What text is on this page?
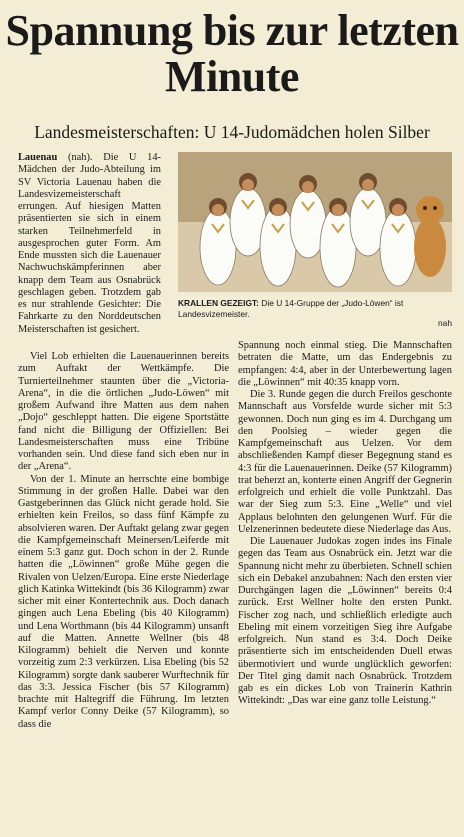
Spannung bis zur letzten Minute
Landesmeisterschaften: U 14-Judomädchen holen Silber
KRALLEN GEZEIGT: Die U 14-Gruppe der „Judo-Löwen“ ist Landesvizemeister.
nah

Lauenau (nah). Die U 14-Mädchen der Judo-Abteilung im SV Victoria Lauenau haben die Landesvizemeisterschaft errungen. Auf hiesigen Matten präsentierten sie sich in einem starken Teilnehmerfeld in ausgesprochen guter Form. Am Ende mussten sich die Lauenauer Nachwuchskämpferinnen aber knapp dem Team aus Osnabrück geschlagen geben. Trotzdem gab es nur strahlende Gesichter: Die Fahrkarte zu den Norddeutschen Meisterschaften ist gesichert.

Viel Lob erhielten die Lauenauerinnen bereits zum Auftakt der Wettkämpfe. Die Turnierteilnehmer staunten über die „Victoria-Arena“, in die die örtlichen „Judo-Löwen“ mit großem Aufwand ihre Matten aus dem nahen „Dojo“ geschleppt hatten. Die eigene Sportstätte fand nicht die Billigung der Offiziellen: Bei Landesmeisterschaften muss eine Tribüne vorhanden sein. Und diese fand sich eben nur in der „Arena“.

Von der 1. Minute an herrschte eine bombige Stimmung in der großen Halle. Dabei war den Gastgeberinnen das Glück nicht gerade hold. Sie erhielten kein Freilos, so dass fünf Kämpfe zu absolvieren waren. Der Auftakt gelang zwar gegen die Kampfgemeinschaft Meinersen/Leiferde mit einem 5:3 ganz gut. Doch schon in der 2. Runde hatten die „Löwinnen“ große Mühe gegen die Rivalen von Uelzen/Europa. Eine erste Niederlage glich Katinka Wittekindt (bis 36 Kilogramm) zwar sicher mit einer Kontertechnik aus. Doch danach gingen auch Lena Ebeling (bis 40 Kilogramm) und Lena Worthmann (bis 44 Kilogramm) unsanft auf die Matten. Annette Wellner (bis 48 Kilogramm) behielt die Nerven und konnte vorzeitig zum 2:3 verkürzen. Lisa Ebeling (bis 52 Kilogramm) sorgte dank sauberer Wurftechnik für das 3:3. Jessica Fischer (bis 57 Kilogramm) brachte mit Haltegriff die Führung. Im letzten Kampf verlor Conny Deike (57 Kilogramm), so dass die

Spannung noch einmal stieg. Die Mannschaften betraten die Matte, um das Endergebnis zu empfangen: 4:4, aber in der Unterbewertung lagen die „Löwinnen“ mit 40:35 knapp vorn.

Die 3. Runde gegen die durch Freilos geschonte Mannschaft aus Vorsfelde wurde sicher mit 5:3 gewonnen. Doch nun ging es im 4. Durchgang um den Poolsieg – wieder gegen die Kampfgemeinschaft aus Uelzen. Vor dem abschließenden Kampf dieser Begegnung stand es 4:3 für die Lauenauerinnen. Deike (57 Kilogramm) trat beherzt an, konterte einen Angriff der Gegnerin erfolgreich und erhielt die volle Punktzahl. Das war der Sieg zum 5:3. Eine „Welle“ und viel Applaus belohnten den gelungenen Wurf. Für die Uelzenerinnen bedeutete diese Niederlage das Aus.

Die Lauenauer Judokas zogen indes ins Finale gegen das Team aus Osnabrück ein. Jetzt war die Spannung nicht mehr zu überbieten. Schnell schien sich ein Debakel anzubahnen: Nach den ersten vier Durchgängen lagen die „Löwinnen“ bereits 0:4 zurück. Erst Wellner holte den ersten Punkt. Fischer zog nach, und schließlich erledigte auch Ebeling mit einem vorzeitigen Sieg ihre Aufgabe erfolgreich. Nun stand es 3:4. Doch Deike präsentierte sich im entscheidenden Duell etwas übermotiviert und wurde unglücklich geworfen: Der Titel ging damit nach Osnabrück. Trotzdem gab es ein dickes Lob von Trainerin Kathrin Wittekindt: „Das war eine ganz tolle Leistung.“
